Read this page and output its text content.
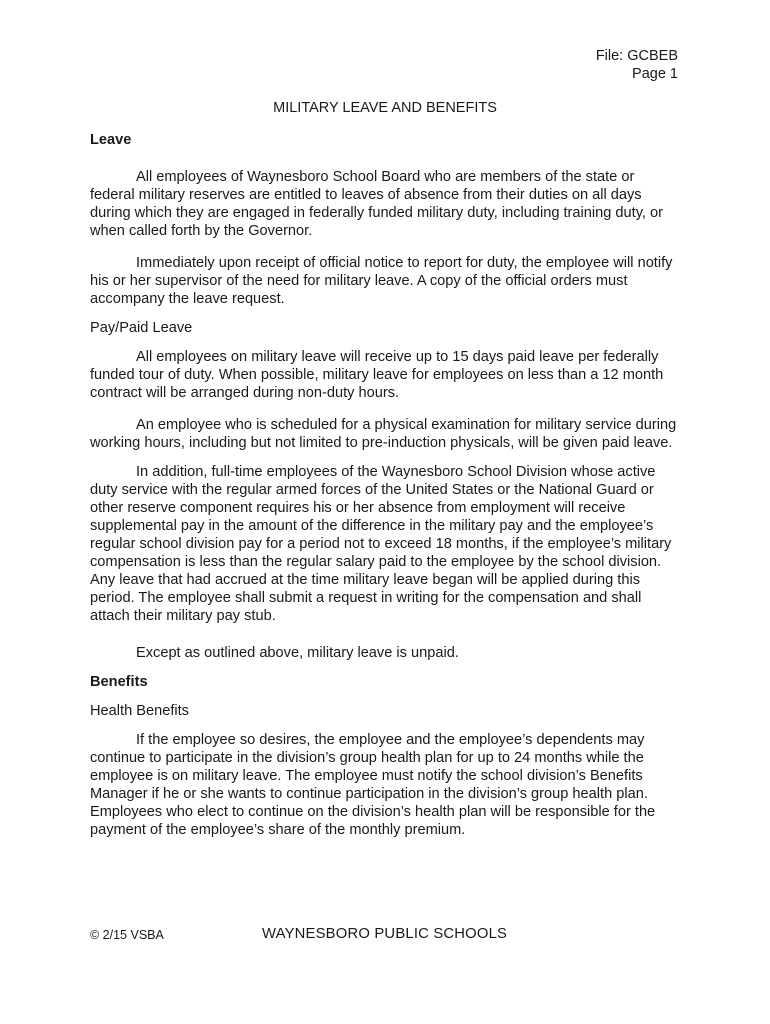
File: GCBEB
Page 1
MILITARY LEAVE AND BENEFITS

Leave

All employees of Waynesboro School Board who are members of the state or federal military reserves are entitled to leaves of absence from their duties on all days during which they are engaged in federally funded military duty, including training duty, or when called forth by the Governor.

Immediately upon receipt of official notice to report for duty, the employee will notify his or her supervisor of the need for military leave. A copy of the official orders must accompany the leave request.

Pay/Paid Leave

All employees on military leave will receive up to 15 days paid leave per federally funded tour of duty. When possible, military leave for employees on less than a 12 month contract will be arranged during non-duty hours.

An employee who is scheduled for a physical examination for military service during working hours, including but not limited to pre-induction physicals, will be given paid leave.

In addition, full-time employees of the Waynesboro School Division whose active duty service with the regular armed forces of the United States or the National Guard or other reserve component requires his or her absence from employment will receive supplemental pay in the amount of the difference in the military pay and the employee’s regular school division pay for a period not to exceed 18 months, if the employee’s military compensation is less than the regular salary paid to the employee by the school division. Any leave that had accrued at the time military leave began will be applied during this period. The employee shall submit a request in writing for the compensation and shall attach their military pay stub.

Except as outlined above, military leave is unpaid.

Benefits

Health Benefits

If the employee so desires, the employee and the employee’s dependents may continue to participate in the division’s group health plan for up to 24 months while the employee is on military leave. The employee must notify the school division’s Benefits Manager if he or she wants to continue participation in the division’s group health plan. Employees who elect to continue on the division’s health plan will be responsible for the payment of the employee’s share of the monthly premium.

© 2/15 VSBA	WAYNESBORO PUBLIC SCHOOLS
